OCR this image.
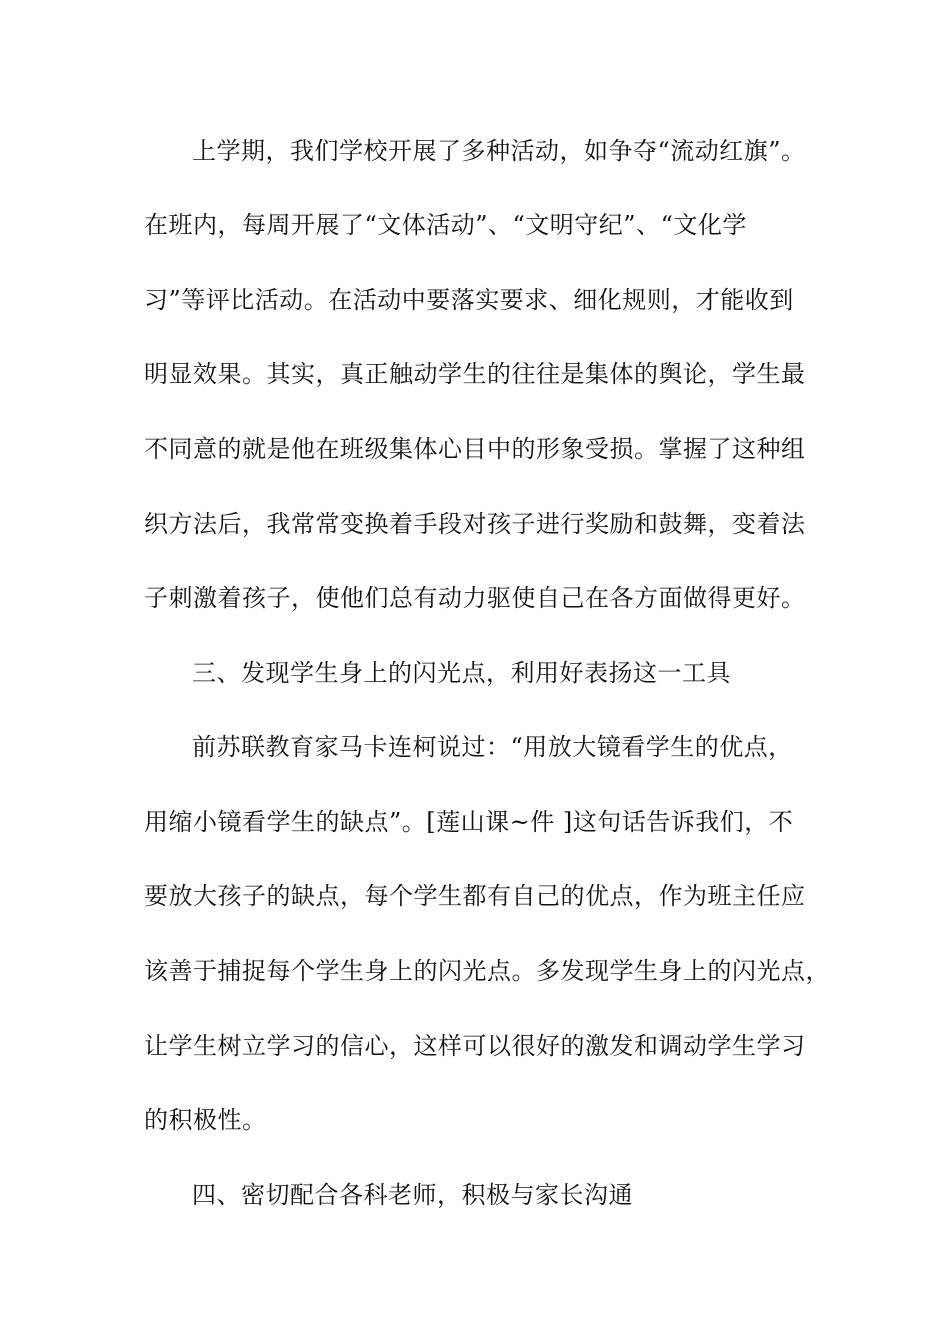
上学期，我们学校开展了多种活动，如争夺“流动红旗”。
在班内，每周开展了“文体活动”、“文明守纪”、“文化学
习”等评比活动。在活动中要落实要求、细化规则，才能收到
明显效果。其实，真正触动学生的往往是集体的舆论，学生最
不同意的就是他在班级集体心目中的形象受损。掌握了这种组
织方法后，我常常变换着手段对孩子进行奖励和鼓舞，变着法
子刺激着孩子，使他们总有动力驱使自己在各方面做得更好。
三、发现学生身上的闪光点，利用好表扬这一工具
前苏联教育家马卡连柯说过：“用放大镜看学生的优点，
用缩小镜看学生的缺点”。[莲山课~件 ]这句话告诉我们，不
要放大孩子的缺点，每个学生都有自己的优点，作为班主任应
该善于捕捉每个学生身上的闪光点。多发现学生身上的闪光点，
让学生树立学习的信心，这样可以很好的激发和调动学生学习
的积极性。
四、密切配合各科老师，积极与家长沟通
